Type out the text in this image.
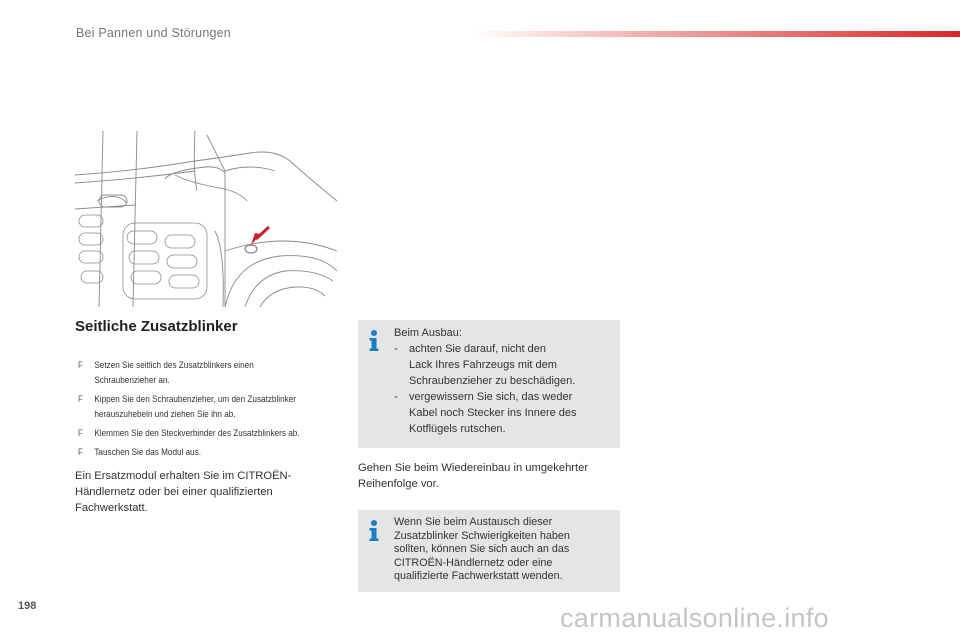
Bei Pannen und Störungen
Seitliche Zusatzblinker
F Setzen Sie seitlich des Zusatzblinkers einen
Schraubenzieher an.
F Kippen Sie den Schraubenzieher, um den Zusatzblinker
herauszuhebeln und ziehen Sie ihn ab.
F Klemmen Sie den Steckverbinder des Zusatzblinkers ab.
F Tauschen Sie das Modul aus.
Ein Ersatzmodul erhalten Sie im CITROËN-
Händlernetz oder bei einer qualifizierten
Fachwerkstatt.
Beim Ausbau:
-	achten Sie darauf, nicht den
Lack Ihres Fahrzeugs mit dem
Schraubenzieher zu beschädigen.
-	vergewissern Sie sich, das weder
Kabel noch Stecker ins Innere des
Kotflügels rutschen.
Gehen Sie beim Wiedereinbau in umgekehrter
Reihenfolge vor.
Wenn Sie beim Austausch dieser
Zusatzblinker Schwierigkeiten haben
sollten, können Sie sich auch an das
CITROËN-Händlernetz oder eine
qualifizierte Fachwerkstatt wenden.
198	carmanualsonline.info
